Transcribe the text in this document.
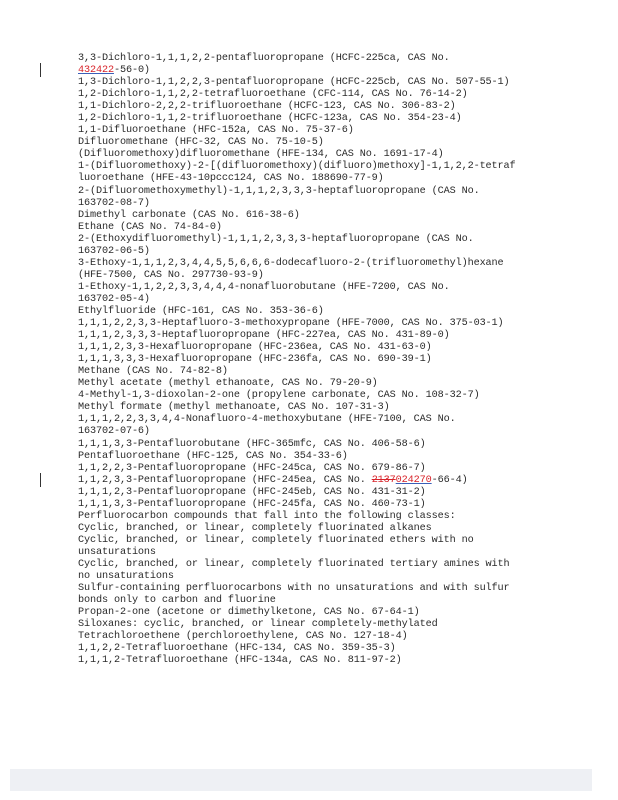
3,3-Dichloro-1,1,1,2,2-pentafluoropropane (HCFC-225ca, CAS No.
432422-56-0)
1,3-Dichloro-1,1,2,2,3-pentafluoropropane (HCFC-225cb, CAS No. 507-55-1)
1,2-Dichloro-1,1,2,2-tetrafluoroethane (CFC-114, CAS No. 76-14-2)
1,1-Dichloro-2,2,2-trifluoroethane (HCFC-123, CAS No. 306-83-2)
1,2-Dichloro-1,1,2-trifluoroethane (HCFC-123a, CAS No. 354-23-4)
1,1-Difluoroethane (HFC-152a, CAS No. 75-37-6)
Difluoromethane (HFC-32, CAS No. 75-10-5)
(Difluoromethoxy)difluoromethane (HFE-134, CAS No. 1691-17-4)
1-(Difluoromethoxy)-2-[(difluoromethoxy)(difluoro)methoxy]-1,1,2,2-tetraf
luoroethane (HFE-43-10pccc124, CAS No. 188690-77-9)
2-(Difluoromethoxymethyl)-1,1,1,2,3,3,3-heptafluoropropane (CAS No.
163702-08-7)
Dimethyl carbonate (CAS No. 616-38-6)
Ethane (CAS No. 74-84-0)
2-(Ethoxydifluoromethyl)-1,1,1,2,3,3,3-heptafluoropropane (CAS No.
163702-06-5)
3-Ethoxy-1,1,1,2,3,4,4,5,5,6,6,6-dodecafluoro-2-(trifluoromethyl)hexane
(HFE-7500, CAS No. 297730-93-9)
1-Ethoxy-1,1,2,2,3,3,4,4,4-nonafluorobutane (HFE-7200, CAS No.
163702-05-4)
Ethylfluoride (HFC-161, CAS No. 353-36-6)
1,1,1,2,2,3,3-Heptafluoro-3-methoxypropane (HFE-7000, CAS No. 375-03-1)
1,1,1,2,3,3,3-Heptafluoropropane (HFC-227ea, CAS No. 431-89-0)
1,1,1,2,3,3-Hexafluoropropane (HFC-236ea, CAS No. 431-63-0)
1,1,1,3,3,3-Hexafluoropropane (HFC-236fa, CAS No. 690-39-1)
Methane (CAS No. 74-82-8)
Methyl acetate (methyl ethanoate, CAS No. 79-20-9)
4-Methyl-1,3-dioxolan-2-one (propylene carbonate, CAS No. 108-32-7)
Methyl formate (methyl methanoate, CAS No. 107-31-3)
1,1,1,2,2,3,3,4,4-Nonafluoro-4-methoxybutane (HFE-7100, CAS No.
163702-07-6)
1,1,1,3,3-Pentafluorobutane (HFC-365mfc, CAS No. 406-58-6)
Pentafluoroethane (HFC-125, CAS No. 354-33-6)
1,1,2,2,3-Pentafluoropropane (HFC-245ca, CAS No. 679-86-7)
1,1,2,3,3-Pentafluoropropane (HFC-245ea, CAS No. 2137024270-66-4)
1,1,1,2,3-Pentafluoropropane (HFC-245eb, CAS No. 431-31-2)
1,1,1,3,3-Pentafluoropropane (HFC-245fa, CAS No. 460-73-1)
Perfluorocarbon compounds that fall into the following classes:
Cyclic, branched, or linear, completely fluorinated alkanes
Cyclic, branched, or linear, completely fluorinated ethers with no
unsaturations
Cyclic, branched, or linear, completely fluorinated tertiary amines with
no unsaturations
Sulfur-containing perfluorocarbons with no unsaturations and with sulfur
bonds only to carbon and fluorine
Propan-2-one (acetone or dimethylketone, CAS No. 67-64-1)
Siloxanes: cyclic, branched, or linear completely-methylated
Tetrachloroethene (perchloroethylene, CAS No. 127-18-4)
1,1,2,2-Tetrafluoroethane (HFC-134, CAS No. 359-35-3)
1,1,1,2-Tetrafluoroethane (HFC-134a, CAS No. 811-97-2)
